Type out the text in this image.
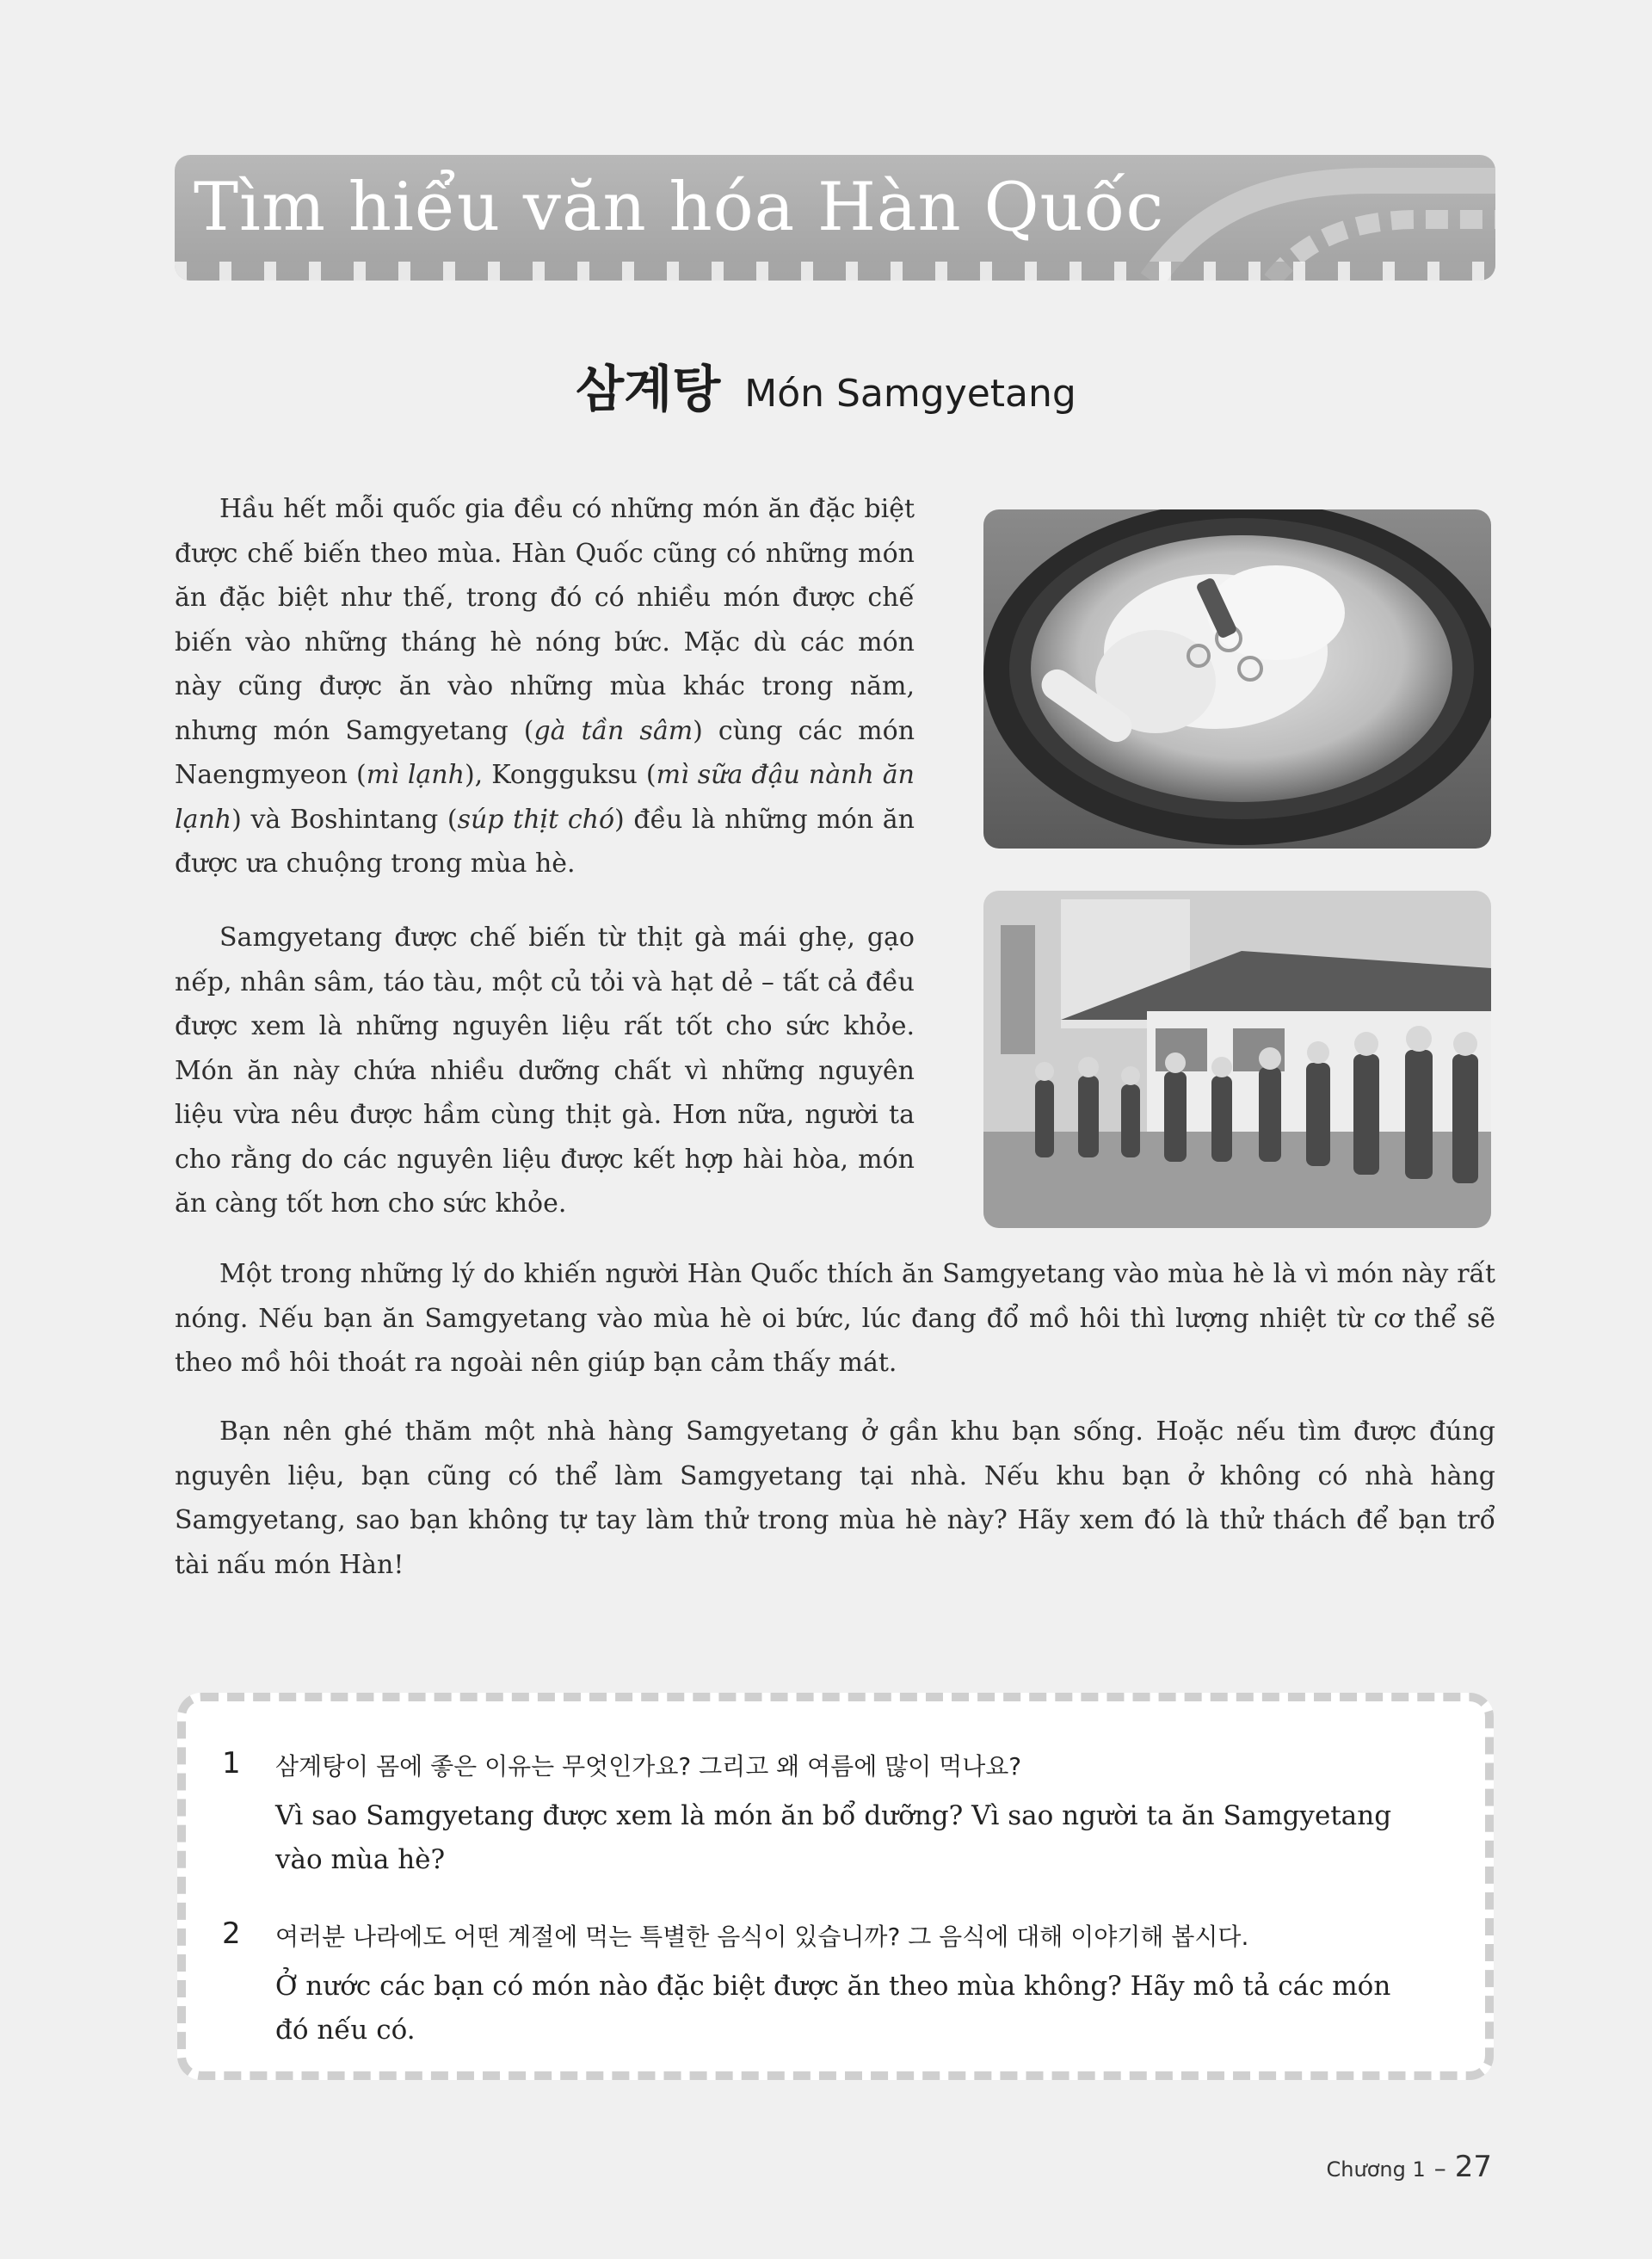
Tìm hiểu văn hóa Hàn Quốc
삼계탕 Món Samgyetang

Hầu hết mỗi quốc gia đều có những món ăn đặc biệt được chế biến theo mùa. Hàn Quốc cũng có những món ăn đặc biệt như thế, trong đó có nhiều món được chế biến vào những tháng hè nóng bức. Mặc dù các món này cũng được ăn vào những mùa khác trong năm, nhưng món Samgyetang (gà tần sâm) cùng các món Naengmyeon (mì lạnh), Kongguksu (mì sữa đậu nành ăn lạnh) và Boshintang (súp thịt chó) đều là những món ăn được ưa chuộng trong mùa hè.

Samgyetang được chế biến từ thịt gà mái ghẹ, gạo nếp, nhân sâm, táo tàu, một củ tỏi và hạt dẻ – tất cả đều được xem là những nguyên liệu rất tốt cho sức khỏe. Món ăn này chứa nhiều dưỡng chất vì những nguyên liệu vừa nêu được hầm cùng thịt gà. Hơn nữa, người ta cho rằng do các nguyên liệu được kết hợp hài hòa, món ăn càng tốt hơn cho sức khỏe.

Một trong những lý do khiến người Hàn Quốc thích ăn Samgyetang vào mùa hè là vì món này rất nóng. Nếu bạn ăn Samgyetang vào mùa hè oi bức, lúc đang đổ mồ hôi thì lượng nhiệt từ cơ thể sẽ theo mồ hôi thoát ra ngoài nên giúp bạn cảm thấy mát.

Bạn nên ghé thăm một nhà hàng Samgyetang ở gần khu bạn sống. Hoặc nếu tìm được đúng nguyên liệu, bạn cũng có thể làm Samgyetang tại nhà. Nếu khu bạn ở không có nhà hàng Samgyetang, sao bạn không tự tay làm thử trong mùa hè này? Hãy xem đó là thử thách để bạn trổ tài nấu món Hàn!

1 삼계탕이 몸에 좋은 이유는 무엇인가요? 그리고 왜 여름에 많이 먹나요?

Vì sao Samgyetang được xem là món ăn bổ dưỡng? Vì sao người ta ăn Samgyetang vào mùa hè?

2 여러분 나라에도 어떤 계절에 먹는 특별한 음식이 있습니까? 그 음식에 대해 이야기해 봅시다.

Ở nước các bạn có món nào đặc biệt được ăn theo mùa không? Hãy mô tả các món đó nếu có.

Chương 1 – 27
